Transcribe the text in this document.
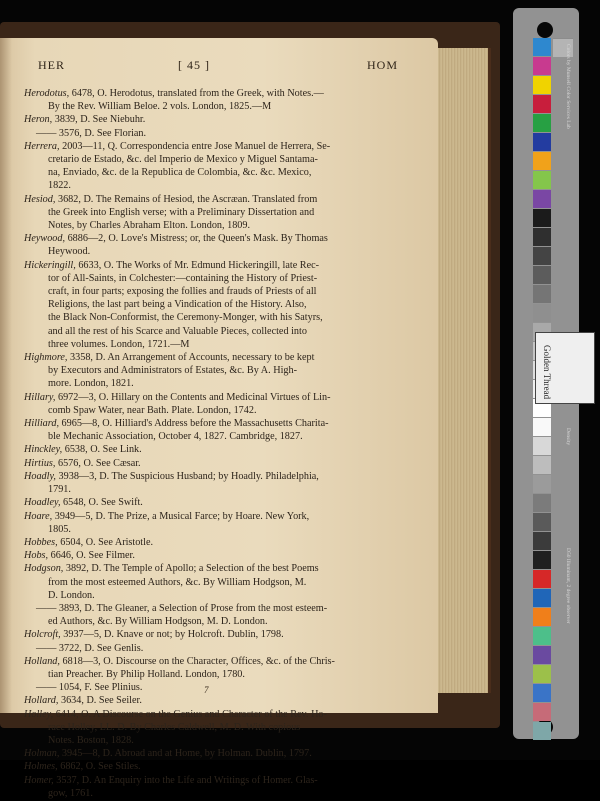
HER	[ 45 ]	HOM
Herodotus, 6478, O. Herodotus, translated from the Greek, with Notes.—
By the Rev. William Beloe. 2 vols. London, 1825.—M
Heron, 3839, D. See Niebuhr.
—— 3576, D. See Florian.
Herrera, 2003—11, Q. Correspondencia entre Jose Manuel de Herrera, Se-
cretario de Estado, &c. del Imperio de Mexico y Miguel Santama-
na, Enviado, &c. de la Republica de Colombia, &c. &c. Mexico,
1822.
Hesiod, 3682, D. The Remains of Hesiod, the Ascræan. Translated from
the Greek into English verse; with a Preliminary Dissertation and
Notes, by Charles Abraham Elton. London, 1809.
Heywood, 6886—2, O. Love's Mistress; or, the Queen's Mask. By Thomas
Heywood.
Hickeringill, 6633, O. The Works of Mr. Edmund Hickeringill, late Rec-
tor of All-Saints, in Colchester:—containing the History of Priest-
craft, in four parts; exposing the follies and frauds of Priests of all
Religions, the last part being a Vindication of the History. Also,
the Black Non-Conformist, the Ceremony-Monger, with his Satyrs,
and all the rest of his Scarce and Valuable Pieces, collected into
three volumes. London, 1721.—M
Highmore, 3358, D. An Arrangement of Accounts, necessary to be kept
by Executors and Administrators of Estates, &c. By A. High-
more. London, 1821.
Hillary, 6972—3, O. Hillary on the Contents and Medicinal Virtues of Lin-
comb Spaw Water, near Bath. Plate. London, 1742.
Hilliard, 6965—8, O. Hilliard's Address before the Massachusetts Charita-
ble Mechanic Association, October 4, 1827. Cambridge, 1827.
Hinckley, 6538, O. See Link.
Hirtius, 6576, O. See Cæsar.
Hoadly, 3938—3, D. The Suspicious Husband; by Hoadly. Philadelphia,
1791.
Hoadley, 6548, O. See Swift.
Hoare, 3949—5, D. The Prize, a Musical Farce; by Hoare. New York,
1805.
Hobbes, 6504, O. See Aristotle.
Hobs, 6646, O. See Filmer.
Hodgson, 3892, D. The Temple of Apollo; a Selection of the best Poems
from the most esteemed Authors, &c. By William Hodgson, M.
D. London.
—— 3893, D. The Gleaner, a Selection of Prose from the most esteem-
ed Authors, &c. By William Hodgson, M. D. London.
Holcroft, 3937—5, D. Knave or not; by Holcroft. Dublin, 1798.
—— 3722, D. See Genlis.
Holland, 6818—3, O. Discourse on the Character, Offices, &c. of the Chris-
tian Preacher. By Philip Holland. London, 1780.
—— 1054, F. See Plinius.
Hollard, 3634, D. See Seiler.
Holley, 6414, O. A Discourse on the Genius and Character of the Rev. Ho-
race Holley, LL. D. By Charles Caldwell, M. D. With copious
Notes. Boston, 1828.
Holman, 3945—8, D. Abroad and at Home, by Holman. Dublin, 1797.
Holmes, 6862, O. See Stiles.
Homer, 3537, D. An Enquiry into the Life and Writings of Homer. Glas-
gow, 1761.
7
Colors by Munsell Color Services Lab
Density
D50 Illuminant, 2 degree observer
Golden Thread
